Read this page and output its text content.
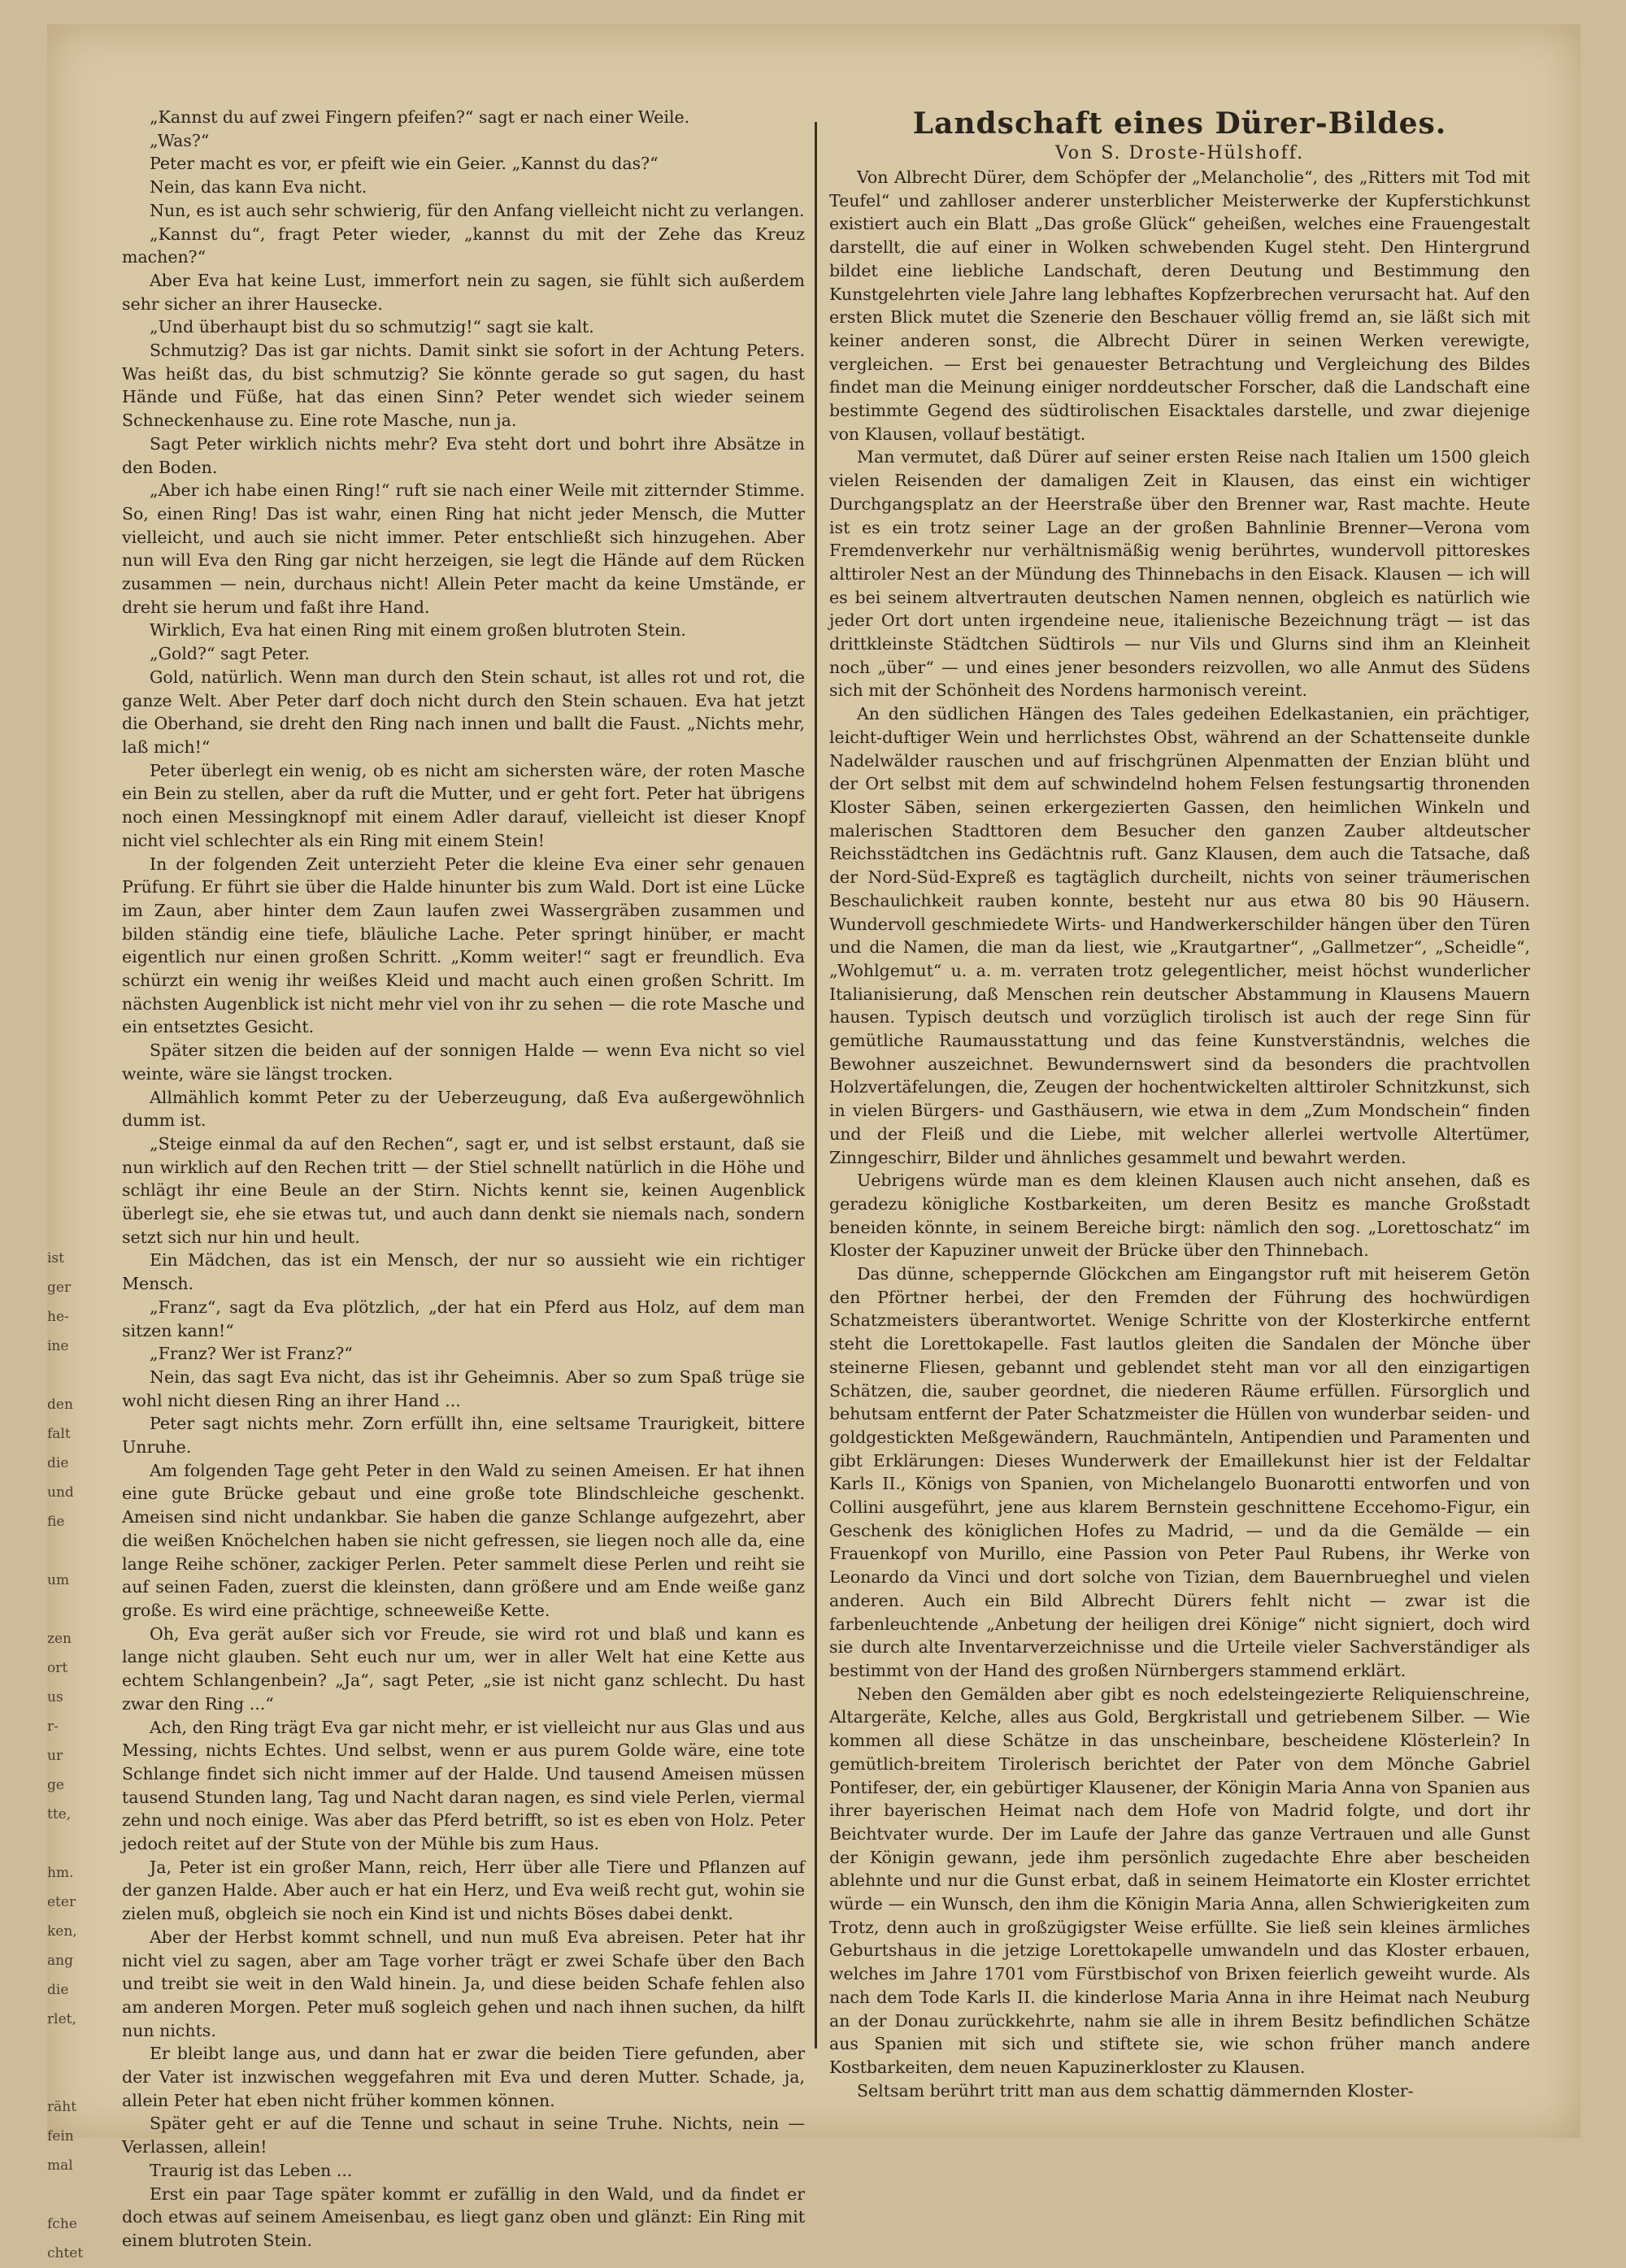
ist
ger
he-
ine

den
falt
die
und
fie

um

zen
ort
us
r-
ur
ge
tte,

hm.
eter
ken,
ang
die
rlet,

räht
fein
mal

fche
chtet

„Kannst du auf zwei Fingern pfeifen?“ sagt er nach einer Weile.

„Was?“

Peter macht es vor, er pfeift wie ein Geier. „Kannst du das?“

Nein, das kann Eva nicht.

Nun, es ist auch sehr schwierig, für den Anfang vielleicht nicht zu verlangen.

„Kannst du“, fragt Peter wieder, „kannst du mit der Zehe das Kreuz machen?“

Aber Eva hat keine Lust, immerfort nein zu sagen, sie fühlt sich außerdem sehr sicher an ihrer Hausecke.

„Und überhaupt bist du so schmutzig!“ sagt sie kalt.

Schmutzig? Das ist gar nichts. Damit sinkt sie sofort in der Achtung Peters. Was heißt das, du bist schmutzig? Sie könnte gerade so gut sagen, du hast Hände und Füße, hat das einen Sinn? Peter wendet sich wieder seinem Schneckenhause zu. Eine rote Masche, nun ja.

Sagt Peter wirklich nichts mehr? Eva steht dort und bohrt ihre Absätze in den Boden.

„Aber ich habe einen Ring!“ ruft sie nach einer Weile mit zitternder Stimme. So, einen Ring! Das ist wahr, einen Ring hat nicht jeder Mensch, die Mutter vielleicht, und auch sie nicht immer. Peter entschließt sich hinzugehen. Aber nun will Eva den Ring gar nicht herzeigen, sie legt die Hände auf dem Rücken zusammen — nein, durchaus nicht! Allein Peter macht da keine Umstände, er dreht sie herum und faßt ihre Hand.

Wirklich, Eva hat einen Ring mit einem großen blutroten Stein.

„Gold?“ sagt Peter.

Gold, natürlich. Wenn man durch den Stein schaut, ist alles rot und rot, die ganze Welt. Aber Peter darf doch nicht durch den Stein schauen. Eva hat jetzt die Oberhand, sie dreht den Ring nach innen und ballt die Faust. „Nichts mehr, laß mich!“

Peter überlegt ein wenig, ob es nicht am sichersten wäre, der roten Masche ein Bein zu stellen, aber da ruft die Mutter, und er geht fort. Peter hat übrigens noch einen Messingknopf mit einem Adler darauf, vielleicht ist dieser Knopf nicht viel schlechter als ein Ring mit einem Stein!

In der folgenden Zeit unterzieht Peter die kleine Eva einer sehr genauen Prüfung. Er führt sie über die Halde hinunter bis zum Wald. Dort ist eine Lücke im Zaun, aber hinter dem Zaun laufen zwei Wassergräben zusammen und bilden ständig eine tiefe, bläuliche Lache. Peter springt hinüber, er macht eigentlich nur einen großen Schritt. „Komm weiter!“ sagt er freundlich. Eva schürzt ein wenig ihr weißes Kleid und macht auch einen großen Schritt. Im nächsten Augenblick ist nicht mehr viel von ihr zu sehen — die rote Masche und ein entsetztes Gesicht.

Später sitzen die beiden auf der sonnigen Halde — wenn Eva nicht so viel weinte, wäre sie längst trocken.

Allmählich kommt Peter zu der Ueberzeugung, daß Eva außergewöhnlich dumm ist.

„Steige einmal da auf den Rechen“, sagt er, und ist selbst erstaunt, daß sie nun wirklich auf den Rechen tritt — der Stiel schnellt natürlich in die Höhe und schlägt ihr eine Beule an der Stirn. Nichts kennt sie, keinen Augenblick überlegt sie, ehe sie etwas tut, und auch dann denkt sie niemals nach, sondern setzt sich nur hin und heult.

Ein Mädchen, das ist ein Mensch, der nur so aussieht wie ein richtiger Mensch.

„Franz“, sagt da Eva plötzlich, „der hat ein Pferd aus Holz, auf dem man sitzen kann!“

„Franz? Wer ist Franz?“

Nein, das sagt Eva nicht, das ist ihr Geheimnis. Aber so zum Spaß trüge sie wohl nicht diesen Ring an ihrer Hand ...

Peter sagt nichts mehr. Zorn erfüllt ihn, eine seltsame Traurigkeit, bittere Unruhe.

Am folgenden Tage geht Peter in den Wald zu seinen Ameisen. Er hat ihnen eine gute Brücke gebaut und eine große tote Blindschleiche geschenkt. Ameisen sind nicht undankbar. Sie haben die ganze Schlange aufgezehrt, aber die weißen Knöchelchen haben sie nicht gefressen, sie liegen noch alle da, eine lange Reihe schöner, zackiger Perlen. Peter sammelt diese Perlen und reiht sie auf seinen Faden, zuerst die kleinsten, dann größere und am Ende weiße ganz große. Es wird eine prächtige, schneeweiße Kette.

Oh, Eva gerät außer sich vor Freude, sie wird rot und blaß und kann es lange nicht glauben. Seht euch nur um, wer in aller Welt hat eine Kette aus echtem Schlangenbein? „Ja“, sagt Peter, „sie ist nicht ganz schlecht. Du hast zwar den Ring ...“

Ach, den Ring trägt Eva gar nicht mehr, er ist vielleicht nur aus Glas und aus Messing, nichts Echtes. Und selbst, wenn er aus purem Golde wäre, eine tote Schlange findet sich nicht immer auf der Halde. Und tausend Ameisen müssen tausend Stunden lang, Tag und Nacht daran nagen, es sind viele Perlen, viermal zehn und noch einige. Was aber das Pferd betrifft, so ist es eben von Holz. Peter jedoch reitet auf der Stute von der Mühle bis zum Haus.

Ja, Peter ist ein großer Mann, reich, Herr über alle Tiere und Pflanzen auf der ganzen Halde. Aber auch er hat ein Herz, und Eva weiß recht gut, wohin sie zielen muß, obgleich sie noch ein Kind ist und nichts Böses dabei denkt.

Aber der Herbst kommt schnell, und nun muß Eva abreisen. Peter hat ihr nicht viel zu sagen, aber am Tage vorher trägt er zwei Schafe über den Bach und treibt sie weit in den Wald hinein. Ja, und diese beiden Schafe fehlen also am anderen Morgen. Peter muß sogleich gehen und nach ihnen suchen, da hilft nun nichts.

Er bleibt lange aus, und dann hat er zwar die beiden Tiere gefunden, aber der Vater ist inzwischen weggefahren mit Eva und deren Mutter. Schade, ja, allein Peter hat eben nicht früher kommen können.

Später geht er auf die Tenne und schaut in seine Truhe. Nichts, nein — Verlassen, allein!

Traurig ist das Leben ...

Erst ein paar Tage später kommt er zufällig in den Wald, und da findet er doch etwas auf seinem Ameisenbau, es liegt ganz oben und glänzt: Ein Ring mit einem blutroten Stein.

Landschaft eines Dürer-Bildes.

Von S. Droste-Hülshoff.

Von Albrecht Dürer, dem Schöpfer der „Melancholie“, des „Ritters mit Tod mit Teufel“ und zahlloser anderer unsterblicher Meisterwerke der Kupferstichkunst existiert auch ein Blatt „Das große Glück“ geheißen, welches eine Frauengestalt darstellt, die auf einer in Wolken schwebenden Kugel steht. Den Hintergrund bildet eine liebliche Landschaft, deren Deutung und Bestimmung den Kunstgelehrten viele Jahre lang lebhaftes Kopfzerbrechen verursacht hat. Auf den ersten Blick mutet die Szenerie den Beschauer völlig fremd an, sie läßt sich mit keiner anderen sonst, die Albrecht Dürer in seinen Werken verewigte, vergleichen. — Erst bei genauester Betrachtung und Vergleichung des Bildes findet man die Meinung einiger norddeutscher Forscher, daß die Landschaft eine bestimmte Gegend des südtirolischen Eisacktales darstelle, und zwar diejenige von Klausen, vollauf bestätigt.

Man vermutet, daß Dürer auf seiner ersten Reise nach Italien um 1500 gleich vielen Reisenden der damaligen Zeit in Klausen, das einst ein wichtiger Durchgangsplatz an der Heerstraße über den Brenner war, Rast machte. Heute ist es ein trotz seiner Lage an der großen Bahnlinie Brenner—Verona vom Fremdenverkehr nur verhältnismäßig wenig berührtes, wundervoll pittoreskes alttiroler Nest an der Mündung des Thinnebachs in den Eisack. Klausen — ich will es bei seinem altvertrauten deutschen Namen nennen, obgleich es natürlich wie jeder Ort dort unten irgendeine neue, italienische Bezeichnung trägt — ist das drittkleinste Städtchen Südtirols — nur Vils und Glurns sind ihm an Kleinheit noch „über“ — und eines jener besonders reizvollen, wo alle Anmut des Südens sich mit der Schönheit des Nordens harmonisch vereint.

An den südlichen Hängen des Tales gedeihen Edelkastanien, ein prächtiger, leicht-duftiger Wein und herrlichstes Obst, während an der Schattenseite dunkle Nadelwälder rauschen und auf frischgrünen Alpenmatten der Enzian blüht und der Ort selbst mit dem auf schwindelnd hohem Felsen festungsartig thronenden Kloster Säben, seinen erkergezierten Gassen, den heimlichen Winkeln und malerischen Stadttoren dem Besucher den ganzen Zauber altdeutscher Reichsstädtchen ins Gedächtnis ruft. Ganz Klausen, dem auch die Tatsache, daß der Nord-Süd-Expreß es tagtäglich durcheilt, nichts von seiner träumerischen Beschaulichkeit rauben konnte, besteht nur aus etwa 80 bis 90 Häusern. Wundervoll geschmiedete Wirts- und Handwerkerschilder hängen über den Türen und die Namen, die man da liest, wie „Krautgartner“, „Gallmetzer“, „Scheidle“, „Wohlgemut“ u. a. m. verraten trotz gelegentlicher, meist höchst wunderlicher Italianisierung, daß Menschen rein deutscher Abstammung in Klausens Mauern hausen. Typisch deutsch und vorzüglich tirolisch ist auch der rege Sinn für gemütliche Raumausstattung und das feine Kunstverständnis, welches die Bewohner auszeichnet. Bewundernswert sind da besonders die prachtvollen Holzvertäfelungen, die, Zeugen der hochentwickelten alttiroler Schnitzkunst, sich in vielen Bürgers- und Gasthäusern, wie etwa in dem „Zum Mondschein“ finden und der Fleiß und die Liebe, mit welcher allerlei wertvolle Altertümer, Zinngeschirr, Bilder und ähnliches gesammelt und bewahrt werden.

Uebrigens würde man es dem kleinen Klausen auch nicht ansehen, daß es geradezu königliche Kostbarkeiten, um deren Besitz es manche Großstadt beneiden könnte, in seinem Bereiche birgt: nämlich den sog. „Lorettoschatz“ im Kloster der Kapuziner unweit der Brücke über den Thinnebach.

Das dünne, scheppernde Glöckchen am Eingangstor ruft mit heiserem Getön den Pförtner herbei, der den Fremden der Führung des hochwürdigen Schatzmeisters überantwortet. Wenige Schritte von der Klosterkirche entfernt steht die Lorettokapelle. Fast lautlos gleiten die Sandalen der Mönche über steinerne Fliesen, gebannt und geblendet steht man vor all den einzigartigen Schätzen, die, sauber geordnet, die niederen Räume erfüllen. Fürsorglich und behutsam entfernt der Pater Schatzmeister die Hüllen von wunderbar seiden- und goldgestickten Meßgewändern, Rauchmänteln, Antipendien und Paramenten und gibt Erklärungen: Dieses Wunderwerk der Emaillekunst hier ist der Feldaltar Karls II., Königs von Spanien, von Michelangelo Buonarotti entworfen und von Collini ausgeführt, jene aus klarem Bernstein geschnittene Eccehomo-Figur, ein Geschenk des königlichen Hofes zu Madrid, — und da die Gemälde — ein Frauenkopf von Murillo, eine Passion von Peter Paul Rubens, ihr Werke von Leonardo da Vinci und dort solche von Tizian, dem Bauernbrueghel und vielen anderen. Auch ein Bild Albrecht Dürers fehlt nicht — zwar ist die farbenleuchtende „Anbetung der heiligen drei Könige“ nicht signiert, doch wird sie durch alte Inventarverzeichnisse und die Urteile vieler Sachverständiger als bestimmt von der Hand des großen Nürnbergers stammend erklärt.

Neben den Gemälden aber gibt es noch edelsteingezierte Reliquienschreine, Altargeräte, Kelche, alles aus Gold, Bergkristall und getriebenem Silber. — Wie kommen all diese Schätze in das unscheinbare, bescheidene Klösterlein? In gemütlich-breitem Tirolerisch berichtet der Pater von dem Mönche Gabriel Pontifeser, der, ein gebürtiger Klausener, der Königin Maria Anna von Spanien aus ihrer bayerischen Heimat nach dem Hofe von Madrid folgte, und dort ihr Beichtvater wurde. Der im Laufe der Jahre das ganze Vertrauen und alle Gunst der Königin gewann, jede ihm persönlich zugedachte Ehre aber bescheiden ablehnte und nur die Gunst erbat, daß in seinem Heimatorte ein Kloster errichtet würde — ein Wunsch, den ihm die Königin Maria Anna, allen Schwierigkeiten zum Trotz, denn auch in großzügigster Weise erfüllte. Sie ließ sein kleines ärmliches Geburtshaus in die jetzige Lorettokapelle umwandeln und das Kloster erbauen, welches im Jahre 1701 vom Fürstbischof von Brixen feierlich geweiht wurde. Als nach dem Tode Karls II. die kinderlose Maria Anna in ihre Heimat nach Neuburg an der Donau zurückkehrte, nahm sie alle in ihrem Besitz befindlichen Schätze aus Spanien mit sich und stiftete sie, wie schon früher manch andere Kostbarkeiten, dem neuen Kapuzinerkloster zu Klausen.

Seltsam berührt tritt man aus dem schattig dämmernden Kloster-
